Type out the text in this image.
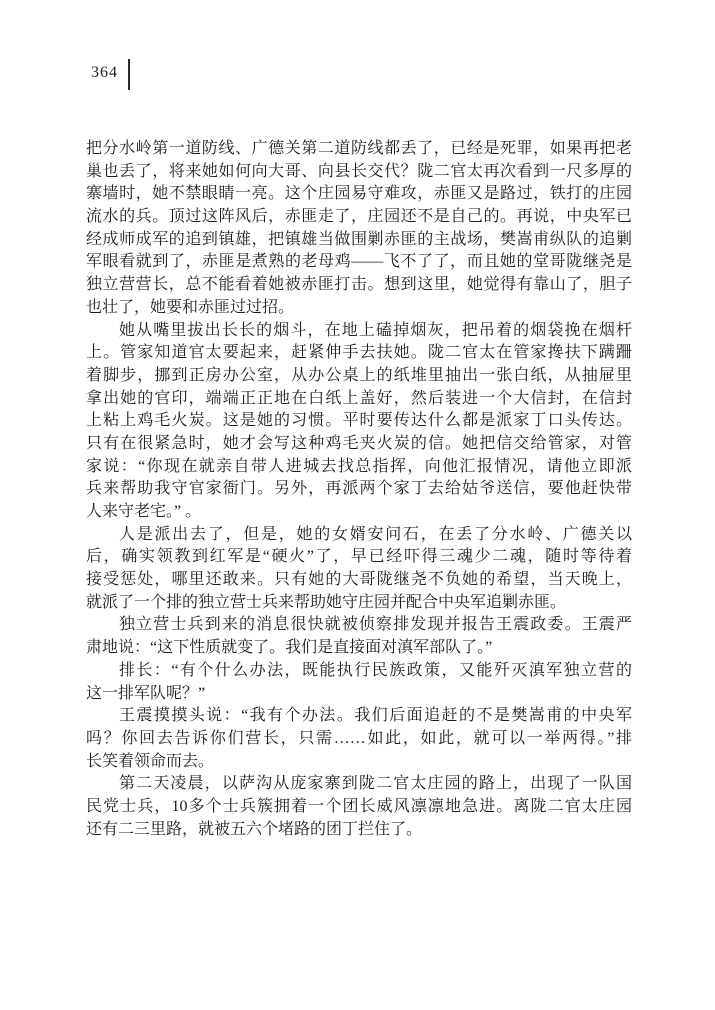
364
把分水岭第一道防线、广德关第二道防线都丢了，已经是死罪，如果再把老
巢也丢了，将来她如何向大哥、向县长交代？陇二官太再次看到一尺多厚的
寨墙时，她不禁眼睛一亮。这个庄园易守难攻，赤匪又是路过，铁打的庄园
流水的兵。顶过这阵风后，赤匪走了，庄园还不是自己的。再说，中央军已
经成师成军的追到镇雄，把镇雄当做围剿赤匪的主战场，樊嵩甫纵队的追剿
军眼看就到了，赤匪是煮熟的老母鸡——飞不了了，而且她的堂哥陇继尧是
独立营营长，总不能看着她被赤匪打击。想到这里，她觉得有靠山了，胆子
也壮了，她要和赤匪过过招。
她从嘴里拔出长长的烟斗，在地上磕掉烟灰，把吊着的烟袋挽在烟杆
上。管家知道官太要起来，赶紧伸手去扶她。陇二官太在管家搀扶下蹒跚
着脚步，挪到正房办公室，从办公桌上的纸堆里抽出一张白纸，从抽屉里
拿出她的官印，端端正正地在白纸上盖好，然后装进一个大信封，在信封
上粘上鸡毛火炭。这是她的习惯。平时要传达什么都是派家丁口头传达。
只有在很紧急时，她才会写这种鸡毛夹火炭的信。她把信交给管家，对管
家说：“你现在就亲自带人进城去找总指挥，向他汇报情况，请他立即派
兵来帮助我守官家衙门。另外，再派两个家丁去给姑爷送信，要他赶快带
人来守老宅。” 。
人是派出去了，但是，她的女婿安问石，在丢了分水岭、广德关以
后，确实领教到红军是“硬火”了，早已经吓得三魂少二魂，随时等待着
接受惩处，哪里还敢来。只有她的大哥陇继尧不负她的希望，当天晚上，
就派了一个排的独立营士兵来帮助她守庄园并配合中央军追剿赤匪。
独立营士兵到来的消息很快就被侦察排发现并报告王震政委。王震严
肃地说：“这下性质就变了。我们是直接面对滇军部队了。”
排长：“有个什么办法，既能执行民族政策，又能歼灭滇军独立营的
这一排军队呢？”
王震摸摸头说：“我有个办法。我们后面追赶的不是樊嵩甫的中央军
吗？你回去告诉你们营长，只需……如此，如此，就可以一举两得。”排
长笑着领命而去。
第二天凌晨，以萨沟从庞家寨到陇二官太庄园的路上，出现了一队国
民党士兵，10多个士兵簇拥着一个团长威风凛凛地急进。离陇二官太庄园
还有二三里路，就被五六个堵路的团丁拦住了。
